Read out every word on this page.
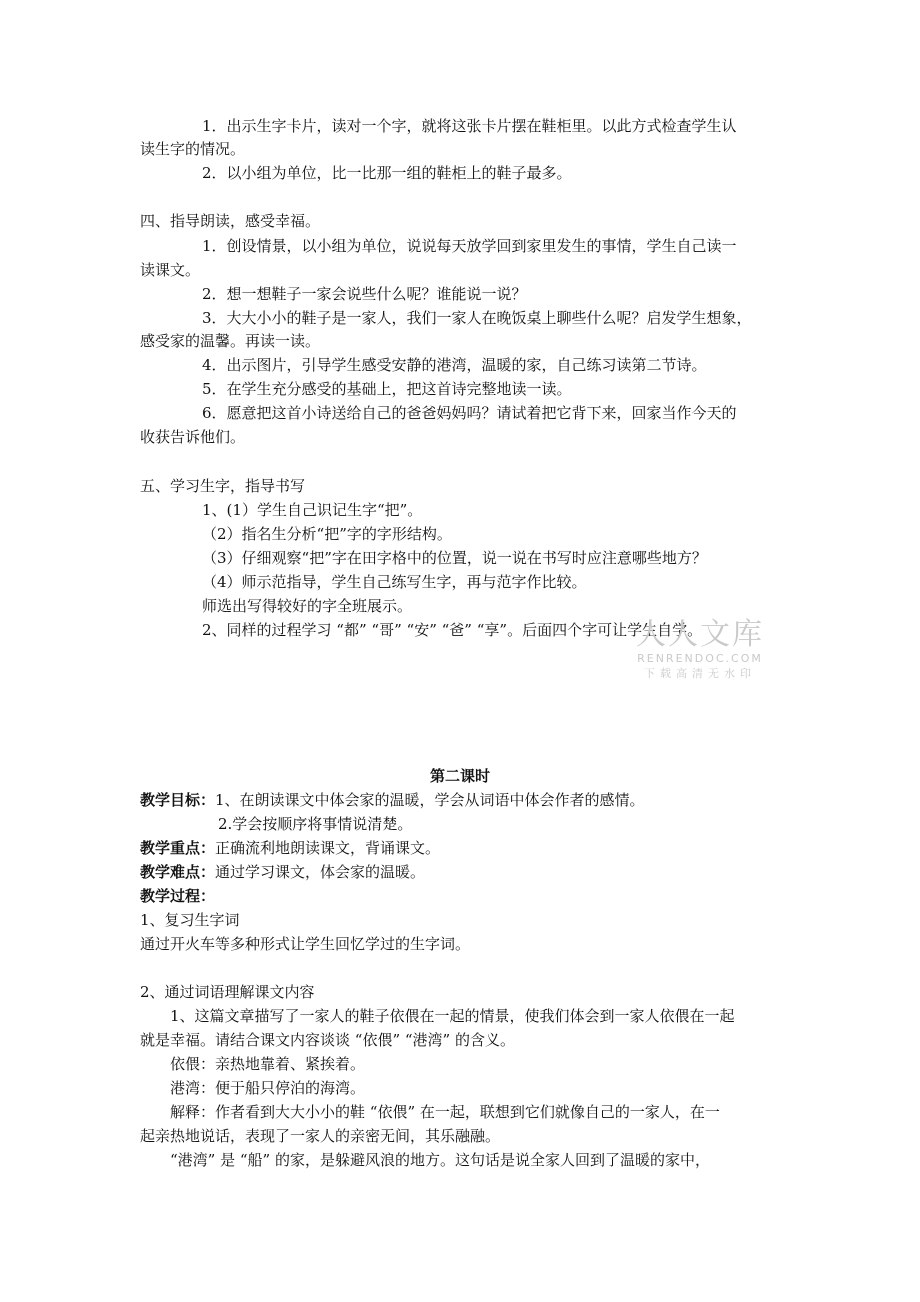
1．出示生字卡片，读对一个字，就将这张卡片摆在鞋柜里。以此方式检查学生认
读生字的情况。
2．以小组为单位，比一比那一组的鞋柜上的鞋子最多。
四、指导朗读，感受幸福。
1．创设情景，以小组为单位，说说每天放学回到家里发生的事情，学生自己读一
读课文。
2．想一想鞋子一家会说些什么呢？谁能说一说？
3．大大小小的鞋子是一家人，我们一家人在晚饭桌上聊些什么呢？启发学生想象，
感受家的温馨。再读一读。
4．出示图片，引导学生感受安静的港湾，温暖的家，自己练习读第二节诗。
5．在学生充分感受的基础上，把这首诗完整地读一读。
6．愿意把这首小诗送给自己的爸爸妈妈吗？请试着把它背下来，回家当作今天的
收获告诉他们。
五、学习生字，指导书写
1、(1）学生自己识记生字“把”。
（2）指名生分析“把”字的字形结构。
（3）仔细观察“把”字在田字格中的位置，说一说在书写时应注意哪些地方？
（4）师示范指导，学生自己练写生字，再与范字作比较。
师选出写得较好的字全班展示。
2、同样的过程学习 “都” “哥” “安” “爸” “享”。后面四个字可让学生自学。
人人文库
RENRENDOC.COM
下载高清无水印
第二课时
教学目标：1、在朗读课文中体会家的温暖，学会从词语中体会作者的感情。
2.学会按顺序将事情说清楚。
教学重点：正确流利地朗读课文，背诵课文。
教学难点：通过学习课文，体会家的温暖。
教学过程：
1、复习生字词
通过开火车等多种形式让学生回忆学过的生字词。
2、通过词语理解课文内容
1、这篇文章描写了一家人的鞋子依偎在一起的情景，使我们体会到一家人依偎在一起
就是幸福。请结合课文内容谈谈 “依偎” “港湾” 的含义。
依偎：亲热地靠着、紧挨着。
港湾：便于船只停泊的海湾。
解释：作者看到大大小小的鞋 “依偎” 在一起，联想到它们就像自己的一家人，在一
起亲热地说话，表现了一家人的亲密无间，其乐融融。
“港湾” 是 “船” 的家，是躲避风浪的地方。这句话是说全家人回到了温暖的家中，
